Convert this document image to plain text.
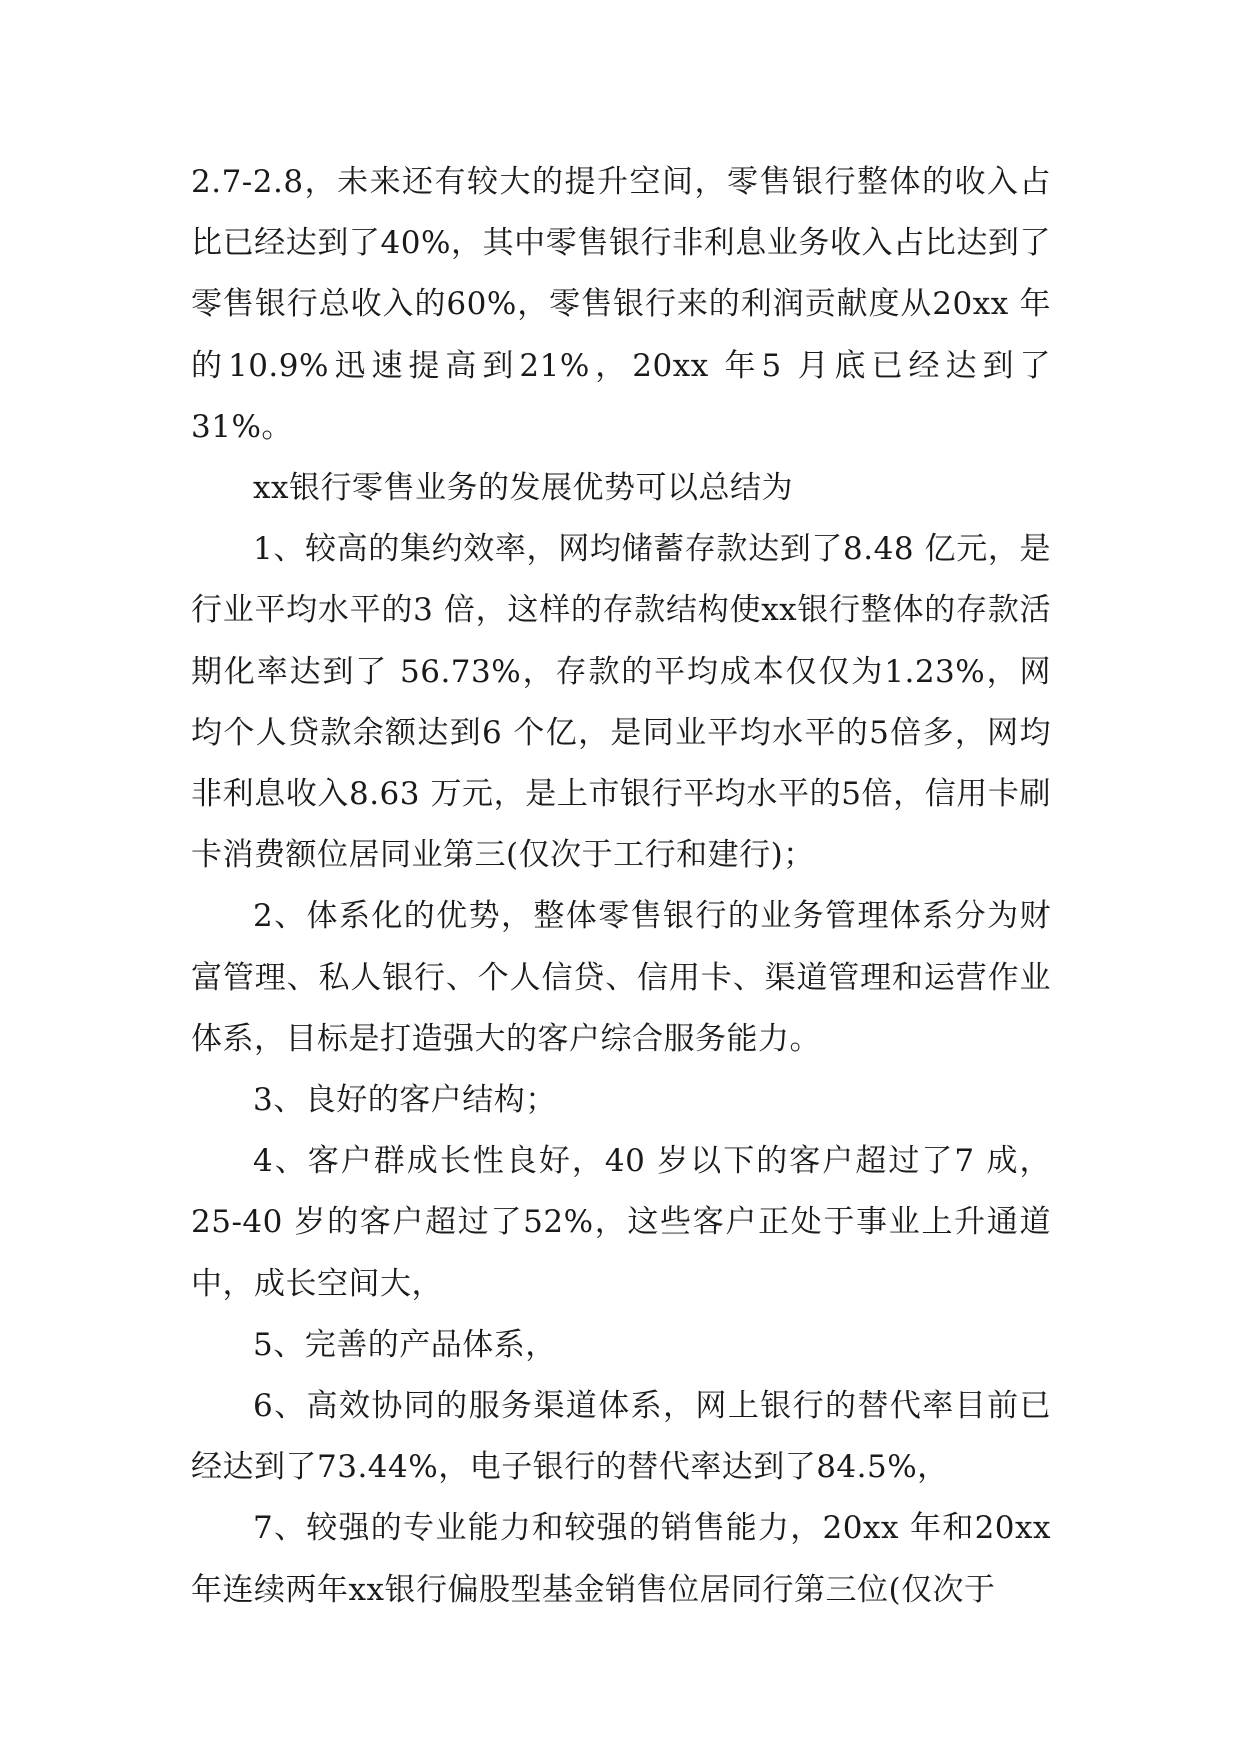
2.7-2.8，未来还有较大的提升空间，零售银行整体的收入占比已经达到了40%，其中零售银行非利息业务收入占比达到了零售银行总收入的60%，零售银行来的利润贡献度从20xx 年的10.9%迅速提高到21%，20xx 年5 月底已经达到了31%。

xx银行零售业务的发展优势可以总结为

1、较高的集约效率，网均储蓄存款达到了8.48 亿元，是行业平均水平的3 倍，这样的存款结构使xx银行整体的存款活期化率达到了 56.73%，存款的平均成本仅仅为1.23%，网均个人贷款余额达到6 个亿，是同业平均水平的5倍多，网均非利息收入8.63 万元，是上市银行平均水平的5倍，信用卡刷卡消费额位居同业第三(仅次于工行和建行)；

2、体系化的优势，整体零售银行的业务管理体系分为财富管理、私人银行、个人信贷、信用卡、渠道管理和运营作业体系，目标是打造强大的客户综合服务能力。

3、良好的客户结构；

4、客户群成长性良好，40 岁以下的客户超过了7 成，25-40 岁的客户超过了52%，这些客户正处于事业上升通道中，成长空间大，

5、完善的产品体系，

6、高效协同的服务渠道体系，网上银行的替代率目前已经达到了73.44%，电子银行的替代率达到了84.5%，

7、较强的专业能力和较强的销售能力，20xx 年和20xx年连续两年xx银行偏股型基金销售位居同行第三位(仅次于
